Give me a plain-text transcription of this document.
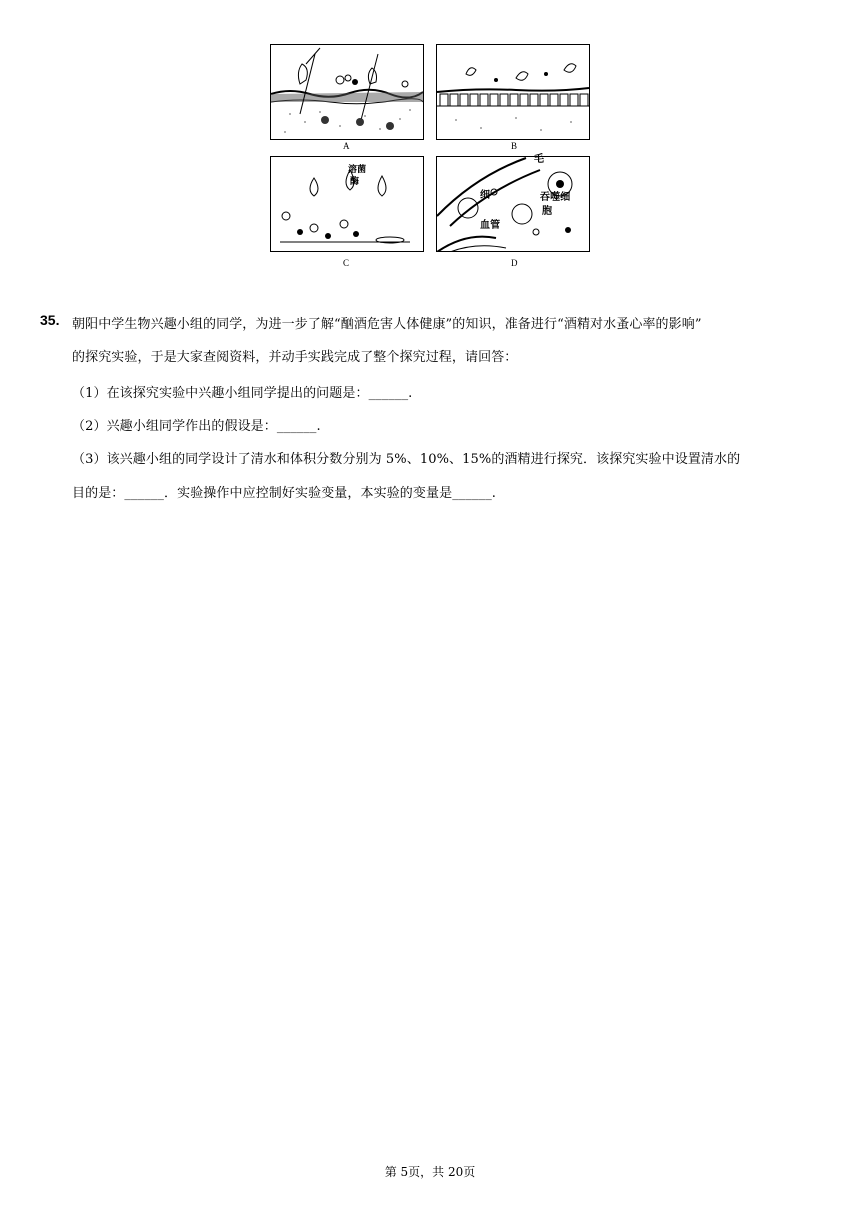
A	B
溶菌
酶
C
毛
细
血管
吞噬细
胞
D
35. 朝阳中学生物兴趣小组的同学，为进一步了解“酗酒危害人体健康”的知识，准备进行“酒精对水蚤心率的影响”
的探究实验，于是大家查阅资料，并动手实践完成了整个探究过程，请回答：
（1）在该探究实验中兴趣小组同学提出的问题是：______.
（2）兴趣小组同学作出的假设是：______.
（3）该兴趣小组的同学设计了清水和体积分数分别为 5%、10%、15%的酒精进行探究．该探究实验中设置清水的
目的是：______．实验操作中应控制好实验变量，本实验的变量是______.
第 5页，共 20页
